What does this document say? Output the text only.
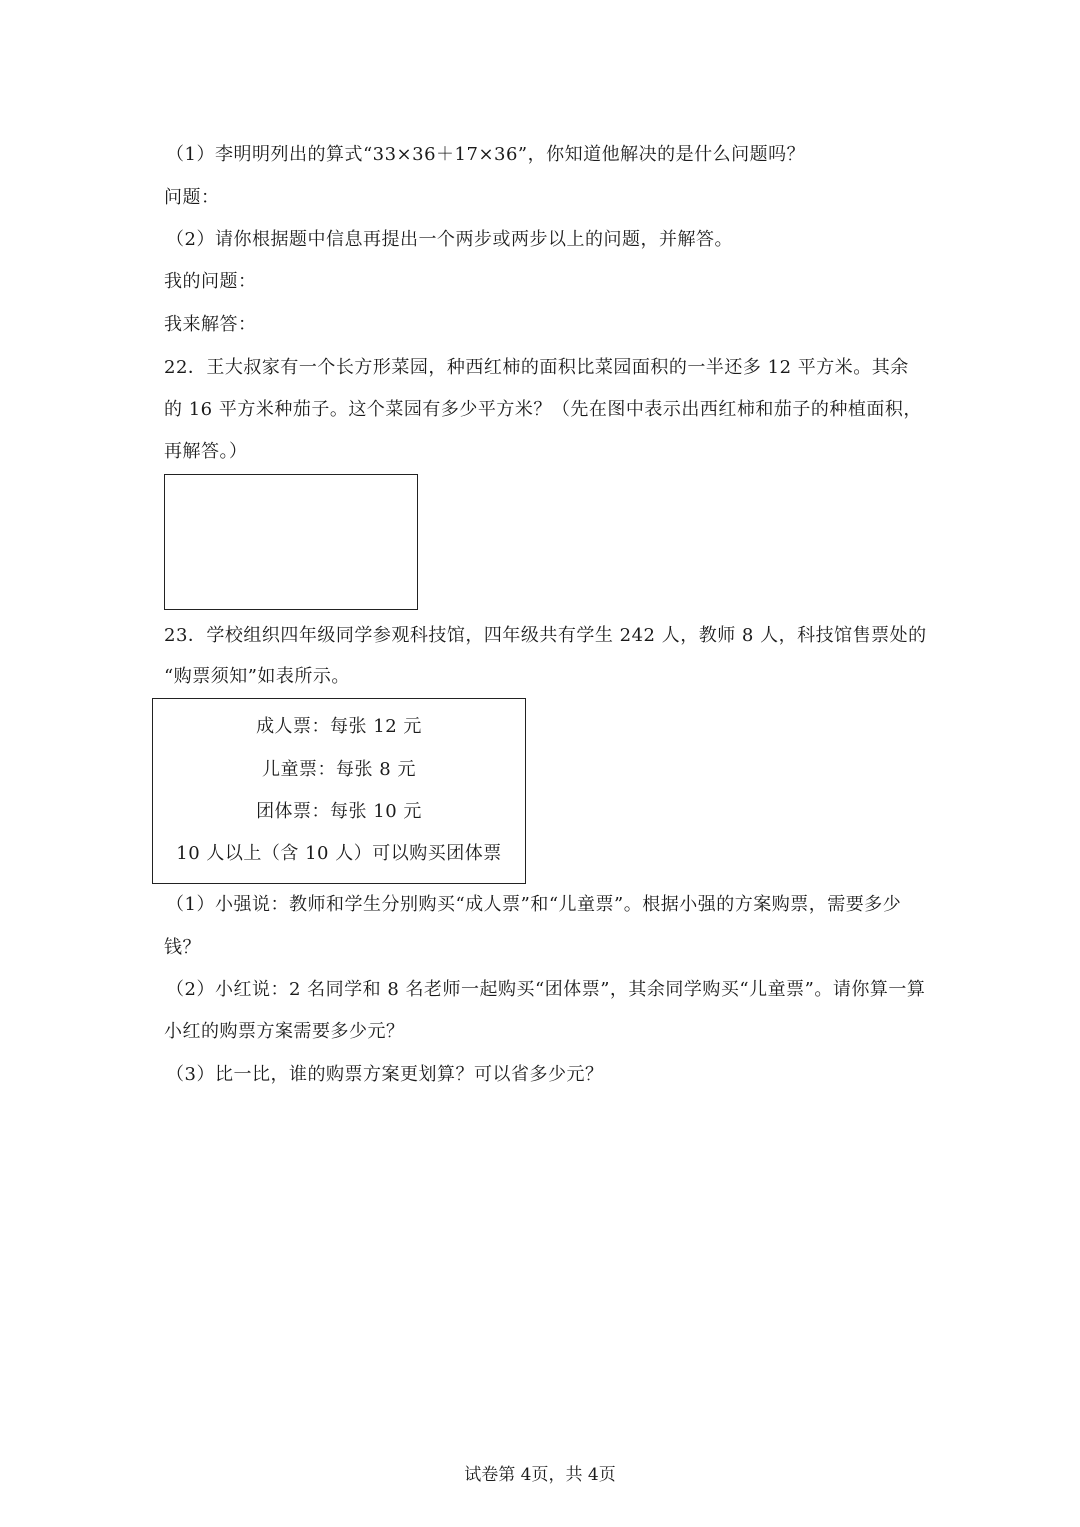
（1）李明明列出的算式“33×36＋17×36”，你知道他解决的是什么问题吗？
问题：
（2）请你根据题中信息再提出一个两步或两步以上的问题，并解答。
我的问题：
我来解答：
22．王大叔家有一个长方形菜园，种西红柿的面积比菜园面积的一半还多 12 平方米。其余
的 16 平方米种茄子。这个菜园有多少平方米？（先在图中表示出西红柿和茄子的种植面积，
再解答。）
23．学校组织四年级同学参观科技馆，四年级共有学生 242 人，教师 8 人，科技馆售票处的
“购票须知”如表所示。
成人票：每张 12 元
儿童票：每张 8 元
团体票：每张 10 元
10 人以上（含 10 人）可以购买团体票
（1）小强说：教师和学生分别购买“成人票”和“儿童票”。根据小强的方案购票，需要多少
钱？
（2）小红说：2 名同学和 8 名老师一起购买“团体票”，其余同学购买“儿童票”。请你算一算
小红的购票方案需要多少元？
（3）比一比，谁的购票方案更划算？可以省多少元？
试卷第 4页，共 4页
